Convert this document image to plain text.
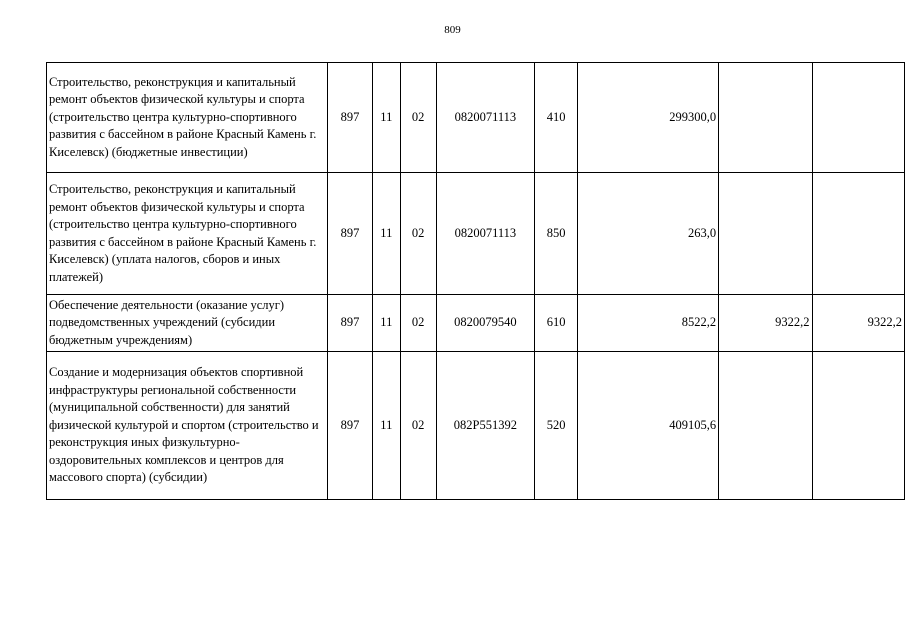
809
Строительство, реконструкция и капитальный ремонт объектов физической культуры и спорта (строительство центра культурно-спортивного развития с бассейном в районе Красный Камень г. Киселевск) (бюджетные инвестиции)	897	11	02	0820071113	410	299300,0		
Строительство, реконструкция и капитальный ремонт объектов физической культуры и спорта (строительство центра культурно-спортивного развития с бассейном в районе Красный Камень г. Киселевск) (уплата налогов, сборов и иных платежей)	897	11	02	0820071113	850	263,0		
Обеспечение деятельности (оказание услуг) подведомственных учреждений (субсидии бюджетным учреждениям)	897	11	02	0820079540	610	8522,2	9322,2	9322,2
Создание и модернизация объектов спортивной инфраструктуры региональной собственности (муниципальной собственности) для занятий физической культурой и спортом (строительство и реконструкция иных физкультурно-оздоровительных комплексов и центров для массового спорта) (субсидии)	897	11	02	082P551392	520	409105,6		
